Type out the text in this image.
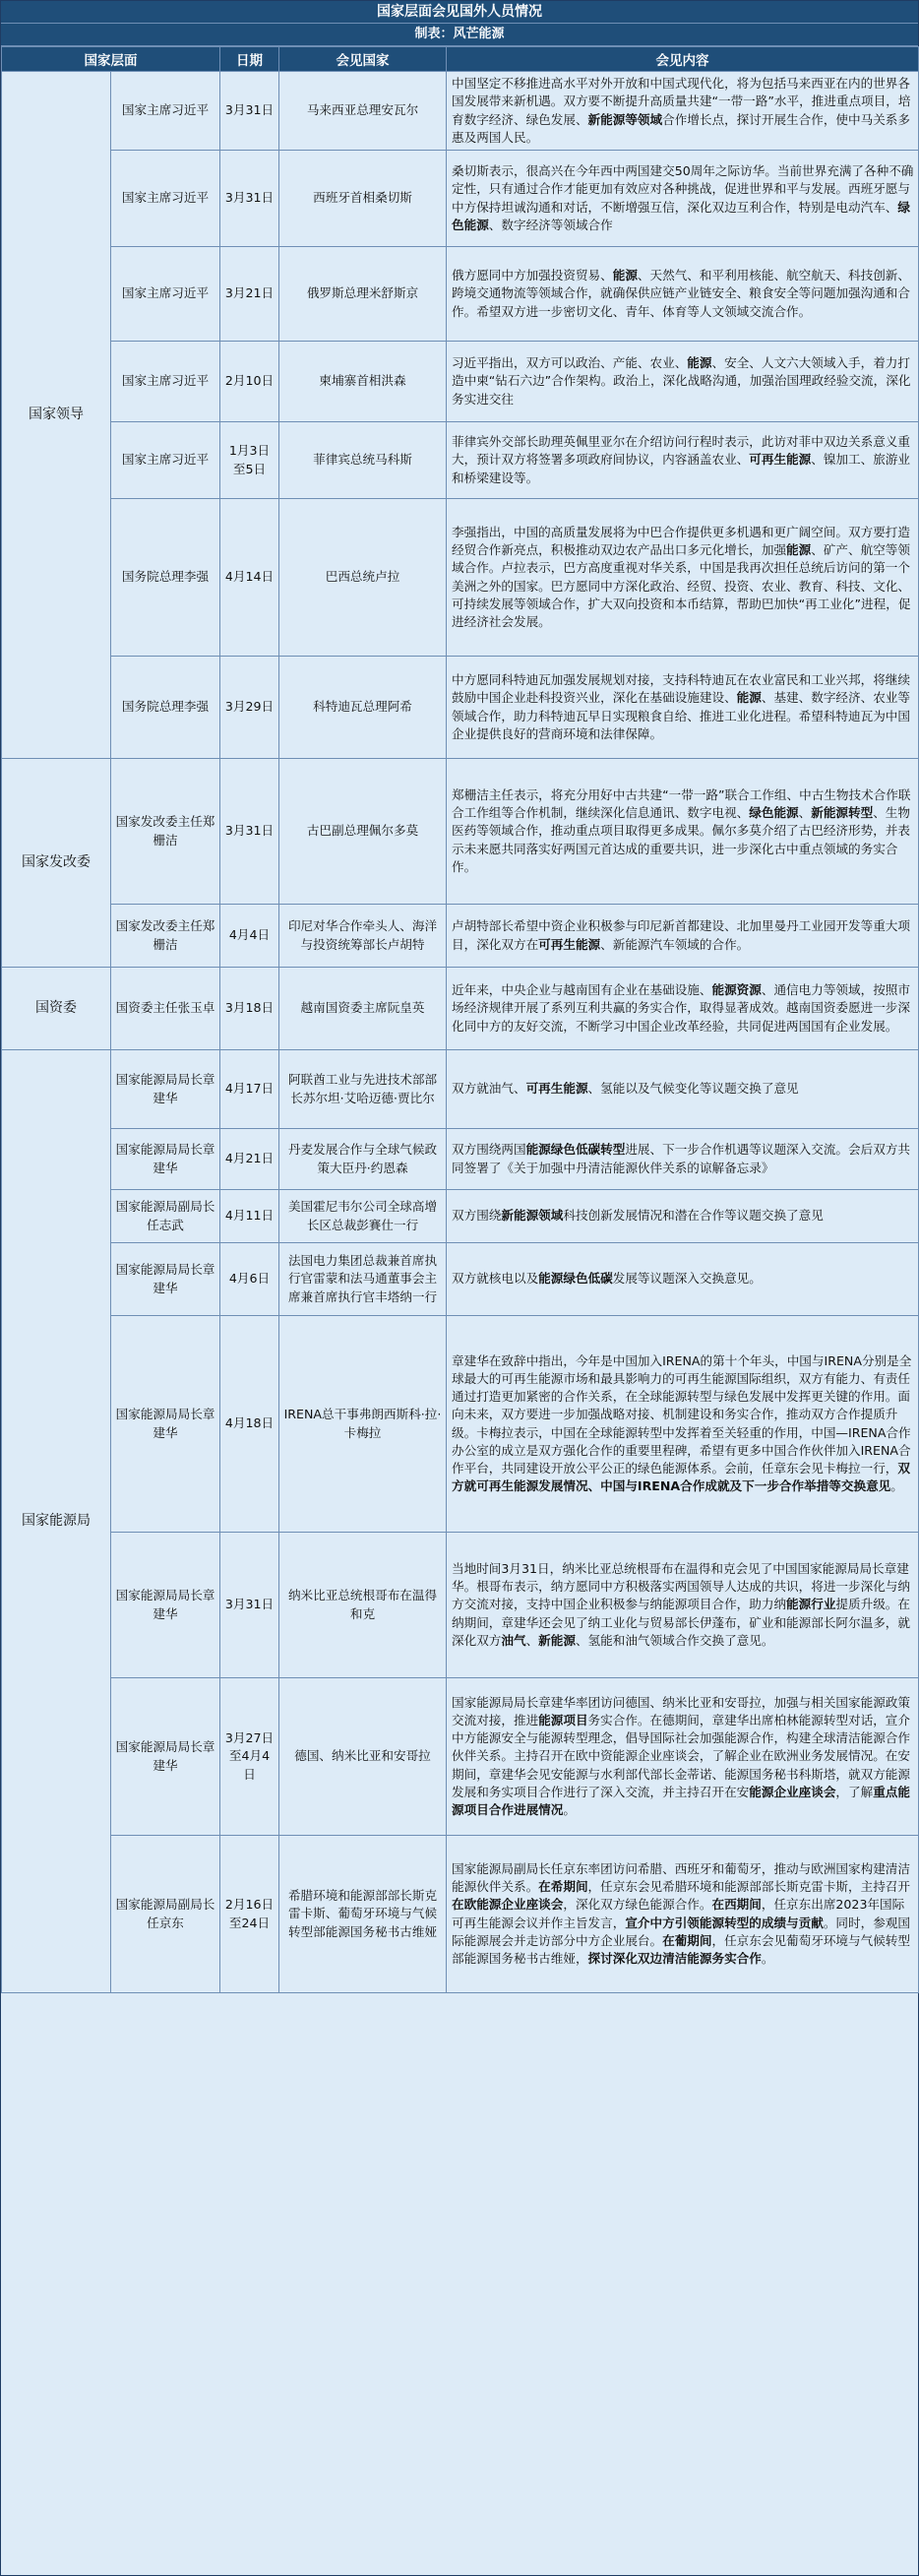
国家层面会见国外人员情况
制表：风芒能源
国家层面		日期	会见国家	会见内容
国家领导	国家主席习近平	3月31日	马来西亚总理安瓦尔	中国坚定不移推进高水平对外开放和中国式现代化，将为包括马来西亚在内的世界各国发展带来新机遇。双方要不断提升高质量共建“一带一路”水平，推进重点项目，培育数字经济、绿色发展、新能源等领域合作增长点，探讨开展生合作，使中马关系多惠及两国人民。
	国家主席习近平	3月31日	西班牙首相桑切斯	桑切斯表示，很高兴在今年西中两国建交50周年之际访华。当前世界充满了各种不确定性，只有通过合作才能更加有效应对各种挑战，促进世界和平与发展。西班牙愿与中方保持坦诚沟通和对话，不断增强互信，深化双边互利合作，特别是电动汽车、绿色能源、数字经济等领域合作
	国家主席习近平	3月21日	俄罗斯总理米舒斯京	俄方愿同中方加强投资贸易、能源、天然气、和平利用核能、航空航天、科技创新、跨境交通物流等领域合作，就确保供应链产业链安全、粮食安全等问题加强沟通和合作。希望双方进一步密切文化、青年、体育等人文领域交流合作。
	国家主席习近平	2月10日	柬埔寨首相洪森	习近平指出，双方可以政治、产能、农业、能源、安全、人文六大领域入手，着力打造中柬“钻石六边”合作架构。政治上，深化战略沟通，加强治国理政经验交流，深化务实进交往
	国家主席习近平	1月3日至5日	菲律宾总统马科斯	菲律宾外交部长助理英佩里亚尔在介绍访问行程时表示，此访对菲中双边关系意义重大，预计双方将签署多项政府间协议，内容涵盖农业、可再生能源、镍加工、旅游业和桥梁建设等。
	国务院总理李强	4月14日	巴西总统卢拉	李强指出，中国的高质量发展将为中巴合作提供更多机遇和更广阔空间。双方要打造经贸合作新亮点，积极推动双边农产品出口多元化增长，加强能源、矿产、航空等领域合作。卢拉表示，巴方高度重视对华关系，中国是我再次担任总统后访问的第一个美洲之外的国家。巴方愿同中方深化政治、经贸、投资、农业、教育、科技、文化、可持续发展等领域合作，扩大双向投资和本币结算，帮助巴加快“再工业化”进程，促进经济社会发展。
	国务院总理李强	3月29日	科特迪瓦总理阿希	中方愿同科特迪瓦加强发展规划对接，支持科特迪瓦在农业富民和工业兴邦，将继续鼓励中国企业赴科投资兴业，深化在基础设施建设、能源、基建、数字经济、农业等领域合作，助力科特迪瓦早日实现粮食自给、推进工业化进程。希望科特迪瓦为中国企业提供良好的营商环境和法律保障。
国家发改委	国家发改委主任郑栅洁	3月31日	古巴副总理佩尔多莫	郑栅洁主任表示，将充分用好中古共建“一带一路”联合工作组、中古生物技术合作联合工作组等合作机制，继续深化信息通讯、数字电视、绿色能源、新能源转型、生物医药等领域合作，推动重点项目取得更多成果。佩尔多莫介绍了古巴经济形势，并表示未来愿共同落实好两国元首达成的重要共识，进一步深化古中重点领域的务实合作。
	国家发改委主任郑栅洁	4月4日	印尼对华合作牵头人、海洋与投资统筹部长卢胡特	卢胡特部长希望中资企业积极参与印尼新首都建设、北加里曼丹工业园开发等重大项目，深化双方在可再生能源、新能源汽车领域的合作。
国资委	国资委主任张玉卓	3月18日	越南国资委主席阮皇英	近年来，中央企业与越南国有企业在基础设施、能源资源、通信电力等领域，按照市场经济规律开展了系列互利共赢的务实合作，取得显著成效。越南国资委愿进一步深化同中方的友好交流，不断学习中国企业改革经验，共同促进两国国有企业发展。
国家能源局	国家能源局局长章建华	4月17日	阿联酋工业与先进技术部部长苏尔坦·艾哈迈德·贾比尔	双方就油气、可再生能源、氢能以及气候变化等议题交换了意见
	国家能源局局长章建华	4月21日	丹麦发展合作与全球气候政策大臣丹·约恩森	双方围绕两国能源绿色低碳转型进展、下一步合作机遇等议题深入交流。会后双方共同签署了《关于加强中丹清洁能源伙伴关系的谅解备忘录》
	国家能源局副局长任志武	4月11日	美国霍尼韦尔公司全球高增长区总裁彭賽仕一行	双方围绕新能源领域科技创新发展情况和潜在合作等议题交换了意见
	国家能源局局长章建华	4月6日	法国电力集团总裁兼首席执行官雷蒙和法马通董事会主席兼首席执行官丰塔纳一行	双方就核电以及能源绿色低碳发展等议题深入交换意见。
	国家能源局局长章建华	4月18日	IRENA总干事弗朗西斯科·拉·卡梅拉	章建华在致辞中指出，今年是中国加入IRENA的第十个年头，中国与IRENA分别是全球最大的可再生能源市场和最具影响力的可再生能源国际组织，双方有能力、有责任通过打造更加紧密的合作关系，在全球能源转型与绿色发展中发挥更关键的作用。面向未来，双方要进一步加强战略对接、机制建设和务实合作，推动双方合作提质升级。卡梅拉表示，中国在全球能源转型中发挥着至关轻重的作用，中国—IRENA合作办公室的成立是双方强化合作的重要里程碑，希望有更多中国合作伙伴加入IRENA合作平台，共同建设开放公平公正的绿色能源体系。会前，任章东会见卡梅拉一行，双方就可再生能源发展情况、中国与IRENA合作成就及下一步合作举措等交换意见。
	国家能源局局长章建华	3月31日	纳米比亚总统根哥布在温得和克	当地时间3月31日，纳米比亚总统根哥布在温得和克会见了中国国家能源局局长章建华。根哥布表示，纳方愿同中方积极落实两国领导人达成的共识，将进一步深化与纳方交流对接，支持中国企业积极参与纳能源项目合作，助力纳能源行业提质升级。在纳期间，章建华还会见了纳工业化与贸易部长伊蓬布，矿业和能源部长阿尔温多，就深化双方油气、新能源、氢能和油气领域合作交换了意见。
	国家能源局局长章建华	3月27日至4月4日	德国、纳米比亚和安哥拉	国家能源局局长章建华率团访问德国、纳米比亚和安哥拉，加强与相关国家能源政策交流对接，推进能源项目务实合作。在德期间，章建华出席柏林能源转型对话，宣介中方能源安全与能源转型理念，倡导国际社会加强能源合作，构建全球清洁能源合作伙伴关系。主持召开在欧中资能源企业座谈会，了解企业在欧洲业务发展情况。在安期间，章建华会见安能源与水利部代部长金蒂诺、能源国务秘书科斯塔，就双方能源发展和务实项目合作进行了深入交流，并主持召开在安能源企业座谈会，了解重点能源项目合作进展情况。
	国家能源局副局长任京东	2月16日至24日	希腊环境和能源部部长斯克雷卡斯、葡萄牙环境与气候转型部能源国务秘书古维娅	国家能源局副局长任京东率团访问希腊、西班牙和葡萄牙，推动与欧洲国家构建清洁能源伙伴关系。在希期间，任京东会见希腊环境和能源部部长斯克雷卡斯，主持召开在欧能源企业座谈会，深化双方绿色能源合作。在西期间，任京东出席2023年国际可再生能源会议并作主旨发言，宣介中方引领能源转型的成绩与贡献。同时，参观国际能源展会并走访部分中方企业展台。在葡期间，任京东会见葡萄牙环境与气候转型部能源国务秘书古维娅，探讨深化双边清洁能源务实合作。
